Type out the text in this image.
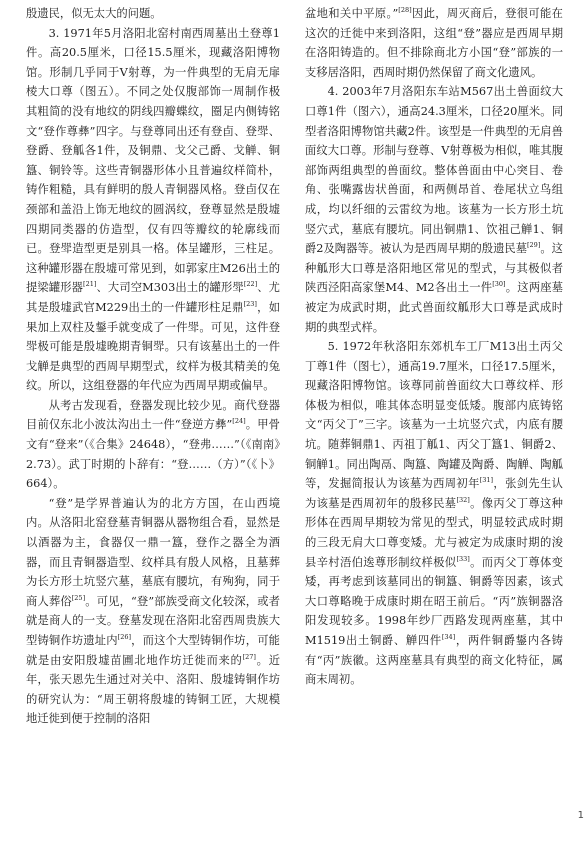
殷遗民，似无太大的问题。

3. 1971年5月洛阳北窑村南西周墓出土登尊1件。高20.5厘米，口径15.5厘米，现藏洛阳博物馆。形制几乎同于Ⅴ射尊，为一件典型的无肩无扉棱大口尊（图五）。不同之处仅腹部饰一周制作极其粗简的没有地纹的阴线四瓣蝶纹，圈足内侧铸铭文“登作尊彝”四字。与登尊同出还有登卣、登斝、登爵、登觚各1件，及铜鼎、戈父己爵、戈觯、铜簋、铜铃等。这些青铜器形体小且普遍纹样简朴，铸作粗糙，具有鲜明的殷人青铜器风格。登卣仅在颈部和盖沿上饰无地纹的圆涡纹，登尊显然是殷墟四期同类器的仿造型，仅有四等瓣纹的轮廓线而已。登斝造型更是别具一格。体呈罐形，三柱足。这种罐形器在殷墟可常见到，如郭家庄M26出土的提梁罐形器[21]、大司空M303出土的罐形斝[22]、尤其是殷墟武官M229出土的一件罐形柱足鼎[23]，如果加上双柱及鋬手就变成了一件斝。可见，这件登斝极可能是殷墟晚期青铜斝。只有该墓出土的一件戈觯是典型的西周早期型式，纹样为极其精美的兔纹。所以，这组登器的年代应为西周早期或偏早。

从考古发现看，登器发现比较少见。商代登器目前仅东北小波汰沟出土一件“登逆方彝”[24]。甲骨文有“登来”（《合集》24648），“登弗……”（《南南》2.73）。武丁时期的卜辞有：“登……（方）”（《卜》664）。

“登”是学界普遍认为的北方方国，在山西境内。从洛阳北窑登墓青铜器从器物组合看，显然是以酒器为主，食器仅一鼎一簋，登作之器全为酒器，而且青铜器造型、纹样具有殷人风格，且墓葬为长方形土坑竖穴墓，墓底有腰坑，有殉狗，同于商人葬俗[25]。可见，“登”部族受商文化较深，或者就是商人的一支。登墓发现在洛阳北窑西周贵族大型铸铜作坊遗址内[26]，而这个大型铸铜作坊，可能就是由安阳殷墟苗圃北地作坊迁徙而来的[27]。近年，张天恩先生通过对关中、洛阳、殷墟铸铜作坊的研究认为：“周王朝将殷墟的铸铜工匠，大规模地迁徙到便于控制的洛阳

盆地和关中平原。”[28]因此，周灭商后，登很可能在这次的迁徙中来到洛阳，这组“登”器应是西周早期在洛阳铸造的。但不排除商北方小国“登”部族的一支移居洛阳，西周时期仍然保留了商文化遗风。

4. 2003年7月洛阳东车站M567出土兽面纹大口尊1件（图六），通高24.3厘米，口径20厘米。同型者洛阳博物馆共藏2件。该型是一件典型的无肩兽面纹大口尊。形制与登尊、Ⅴ射尊极为相似，唯其腹部饰两组典型的兽面纹。整体兽面由中心突目、卷角、张嘴露齿状兽面，和两侧昂首、卷尾状立鸟组成，均以纤细的云雷纹为地。该墓为一长方形土坑竖穴式，墓底有腰坑。同出铜鼎1、饮祖己觯1、铜爵2及陶器等。被认为是西周早期的殷遗民墓[29]。这种觚形大口尊是洛阳地区常见的型式，与其极似者陕西泾阳高家堡M4、M2各出土一件[30]。这两座墓被定为成武时期，此式兽面纹觚形大口尊是武成时期的典型式样。

5. 1972年秋洛阳东郊机车工厂M13出土丙父丁尊1件（图七），通高19.7厘米，口径17.5厘米，现藏洛阳博物馆。该尊同前兽面纹大口尊纹样、形体极为相似，唯其体态明显变低矮。腹部内底铸铭文“丙父丁”三字。该墓为一土坑竖穴式，内底有腰坑。随葬铜鼎1、丙祖丁觚1、丙父丁簋1、铜爵2、铜觯1。同出陶鬲、陶簋、陶罐及陶爵、陶觯、陶觚等，发掘简报认为该墓为西周初年[31]，张剑先生认为该墓是西周初年的殷移民墓[32]。像丙父丁尊这种形体在西周早期较为常见的型式，明显较武成时期的三段无肩大口尊变矮。尤与被定为成康时期的浚县辛村浯伯逘尊形制纹样极似[33]。而丙父丁尊体变矮，再考虑到该墓同出的铜簋、铜爵等因素，该式大口尊略晚于成康时期在昭王前后。“丙”族铜器洛阳发现较多。1998年纱厂西路发现两座墓，其中M1519出土铜爵、觯四件[34]，两件铜爵鋬内各铸有“丙”族徽。这两座墓具有典型的商文化特征，属商末周初。

1
